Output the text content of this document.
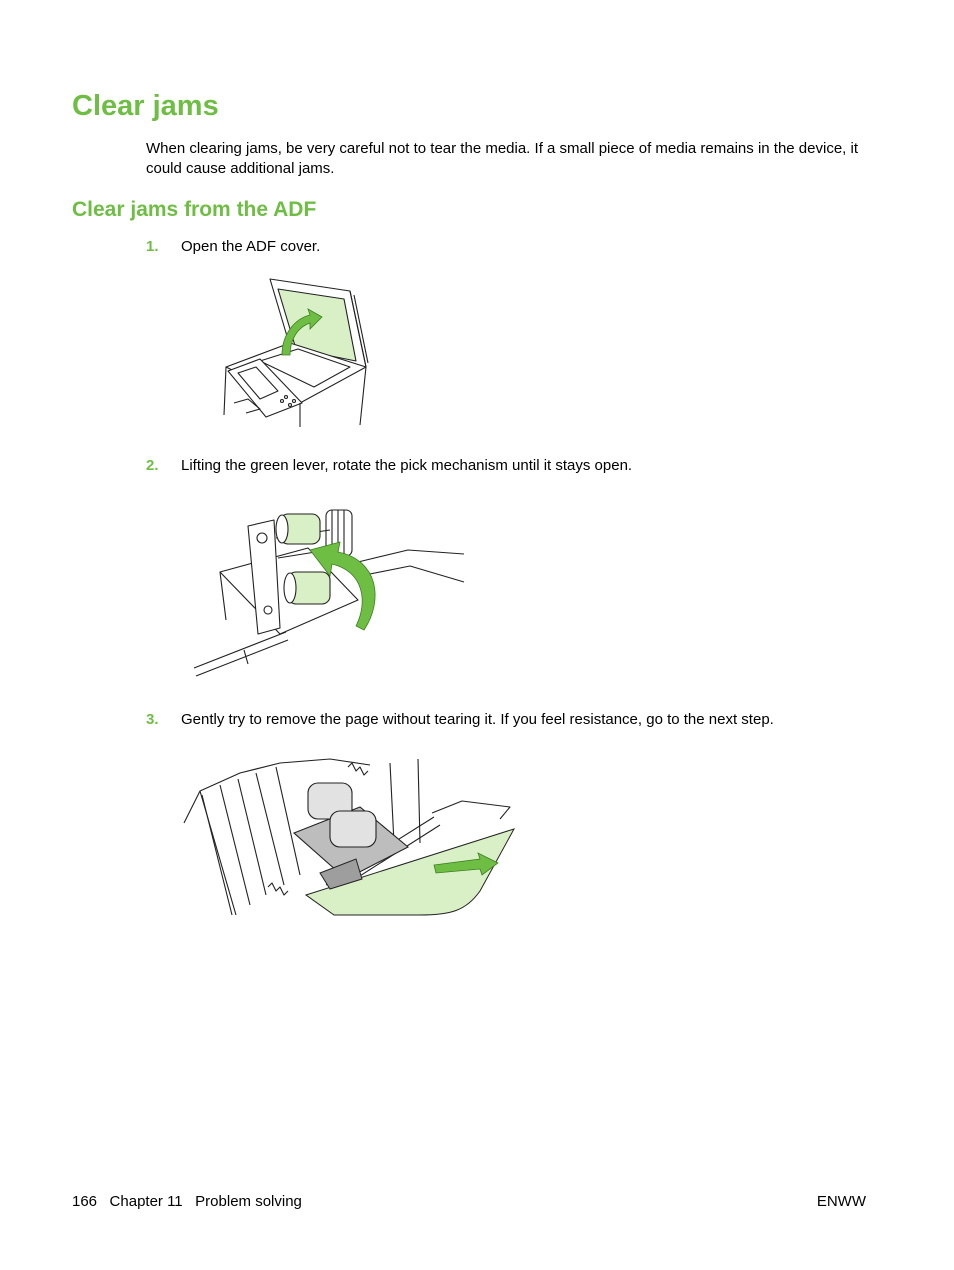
Clear jams

When clearing jams, be very careful not to tear the media. If a small piece of media remains in the device, it could cause additional jams.

Clear jams from the ADF
1. Open the ADF cover.
2. Lifting the green lever, rotate the pick mechanism until it stays open.
3. Gently try to remove the page without tearing it. If you feel resistance, go to the next step.
166 Chapter 11 Problem solving	ENWW
